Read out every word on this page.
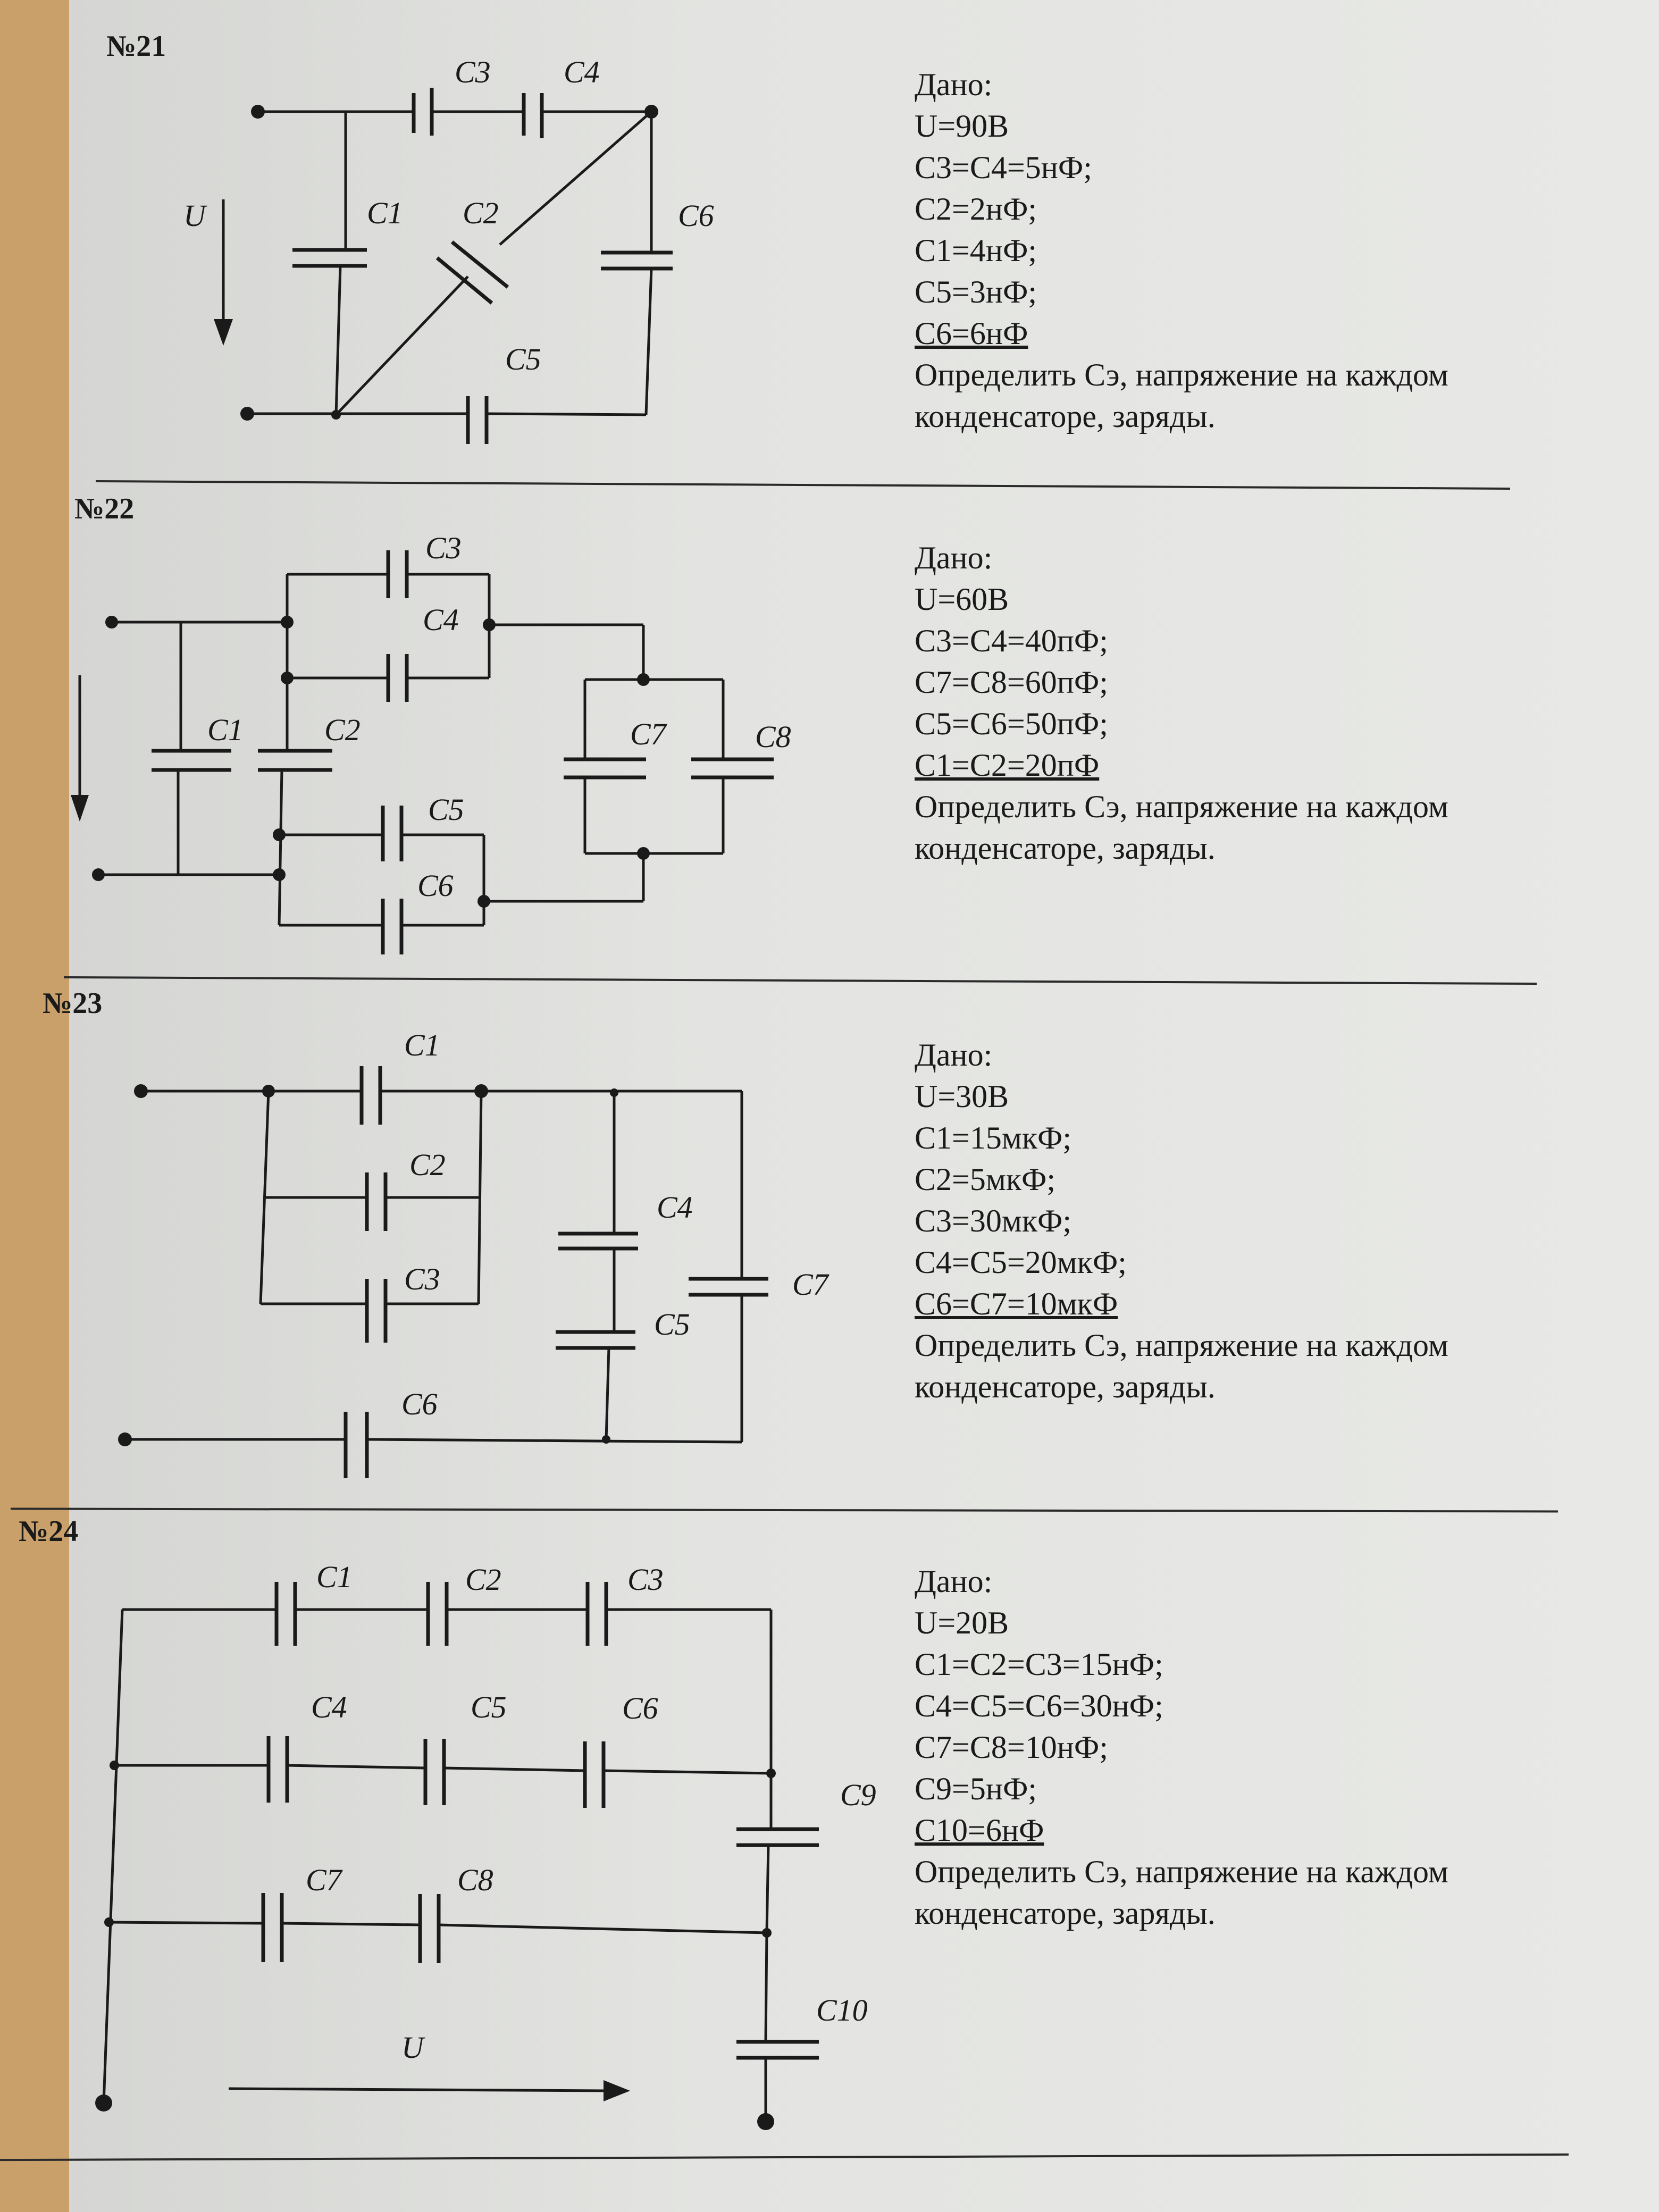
№21
C3 C4
C1 C2	C6
C5
U
Дано:
U=90В
C3=C4=5нФ;
C2=2нФ;
C1=4нФ;
C5=3нФ;
C6=6нФ
Определить Сэ, напряжение на каждом
конденсаторе, заряды.
№22
C3
C4
C1	C2	C7	C8
C5
C6
Дано:
U=60В
C3=C4=40пФ;
C7=C8=60пФ;
C5=C6=50пФ;
C1=C2=20пФ
Определить Сэ, напряжение на каждом
конденсаторе, заряды.
№23
C1
C2
C3
C4
C5
C7
C6
Дано:
U=30В
C1=15мкФ;
C2=5мкФ;
C3=30мкФ;
C4=C5=20мкФ;
C6=C7=10мкФ
Определить Сэ, напряжение на каждом
конденсаторе, заряды.
№24
C1	C2	C3
C4	C5	C6
C9
C7	C8
C10
U
Дано:
U=20В
C1=C2=C3=15нФ;
C4=C5=C6=30нФ;
C7=C8=10нФ;
C9=5нФ;
C10=6нФ
Определить Сэ, напряжение на каждом
конденсаторе, заряды.
